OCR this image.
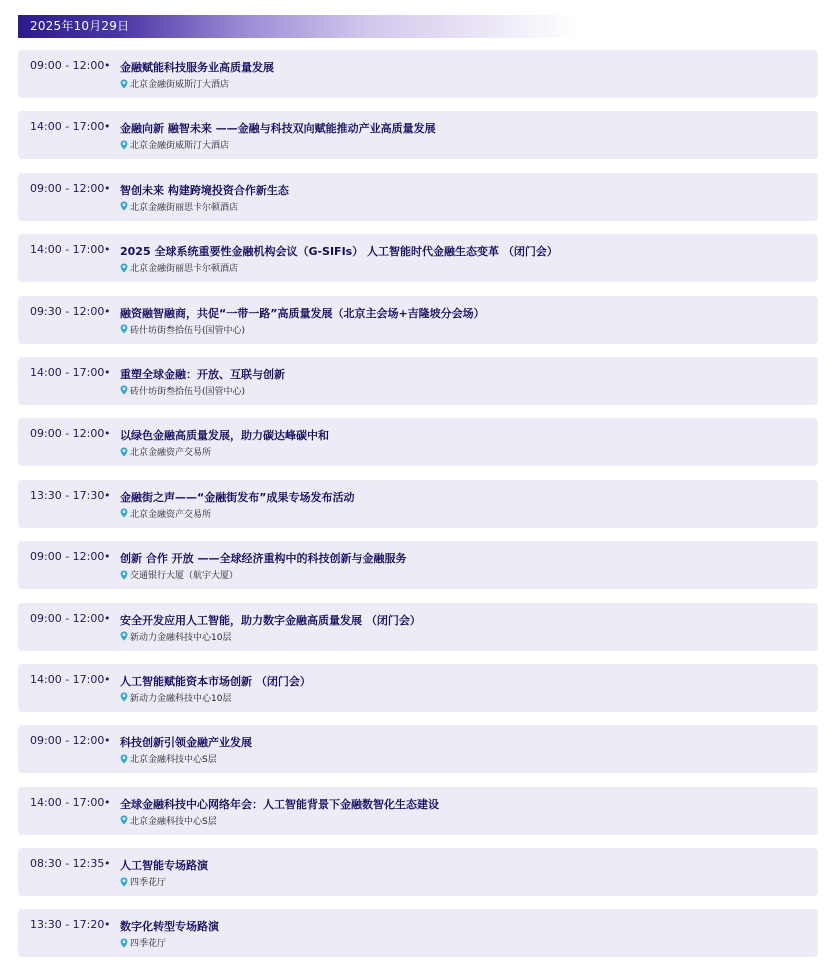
2025年10月29日
09:00 - 12:00 • 金融赋能科技服务业高质量发展
北京金融街威斯汀大酒店
14:00 - 17:00 • 金融向新 融智未来 ——金融与科技双向赋能推动产业高质量发展
北京金融街威斯汀大酒店
09:00 - 12:00 • 智创未来 构建跨境投资合作新生态
北京金融街丽思卡尔顿酒店
14:00 - 17:00 • 2025 全球系统重要性金融机构会议（G-SIFIs） 人工智能时代金融生态变革 （闭门会）
北京金融街丽思卡尔顿酒店
09:30 - 12:00 • 融资融智融商，共促“一带一路”高质量发展（北京主会场+吉隆坡分会场）
砖什坊街叁拾伍号(国管中心)
14:00 - 17:00 • 重塑全球金融：开放、互联与创新
砖什坊街叁拾伍号(国管中心)
09:00 - 12:00 • 以绿色金融高质量发展，助力碳达峰碳中和
北京金融资产交易所
13:30 - 17:30 • 金融街之声——“金融街发布”成果专场发布活动
北京金融资产交易所
09:00 - 12:00 • 创新 合作 开放 ——全球经济重构中的科技创新与金融服务
交通银行大厦（航宇大厦）
09:00 - 12:00 • 安全开发应用人工智能，助力数字金融高质量发展 （闭门会）
新动力金融科技中心10层
14:00 - 17:00 • 人工智能赋能资本市场创新 （闭门会）
新动力金融科技中心10层
09:00 - 12:00 • 科技创新引领金融产业发展
北京金融科技中心S层
14:00 - 17:00 • 全球金融科技中心网络年会：人工智能背景下金融数智化生态建设
北京金融科技中心S层
08:30 - 12:35 • 人工智能专场路演
四季花厅
13:30 - 17:20 • 数字化转型专场路演
四季花厅
